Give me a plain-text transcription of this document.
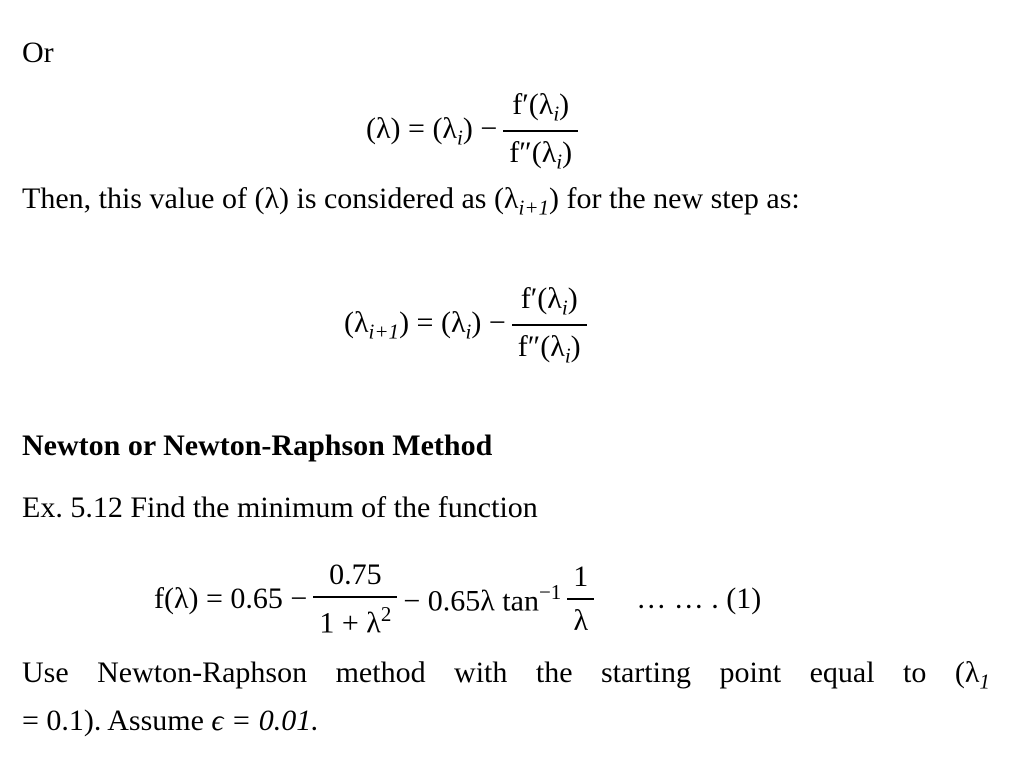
Or
$(\lambda) = (\lambda_i) - \frac{f'(\lambda_i)}{f''(\lambda_i)}$
Then, this value of (λ) is considered as $(\lambda_{i+1})$ for the new step as:
$(\lambda_{i+1}) = (\lambda_i) - \frac{f'(\lambda_i)}{f''(\lambda_i)}$
Newton or Newton-Raphson Method
Ex. 5.12 Find the minimum of the function
$f(\lambda) = 0.65 - \frac{0.75}{1 + \lambda^2} - 0.65\lambda$ $\tan^{-1} \frac{1}{\lambda}$ … … . (1)
Use Newton-Raphson method with the starting point equal to ($\lambda_1$
= 0.1). Assume ϵ = 0.01.
